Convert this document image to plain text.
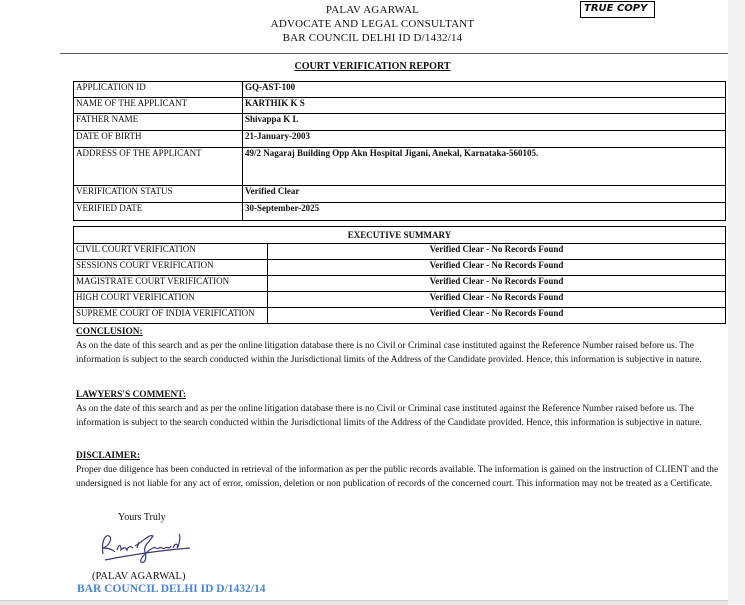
PALAV AGARWAL
ADVOCATE AND LEGAL CONSULTANT
BAR COUNCIL DELHI ID D/1432/14
TRUE COPY
COURT VERIFICATION REPORT
APPLICATION ID	GQ-AST-100
NAME OF THE APPLICANT	KARTHIK K S
FATHER NAME	Shivappa K L
DATE OF BIRTH	21-January-2003
ADDRESS OF THE APPLICANT	49/2 Nagaraj Building Opp Akn Hospital Jigani, Anekal, Karnataka-560105.
VERIFICATION STATUS	Verified Clear
VERIFIED DATE	30-September-2025
EXECUTIVE SUMMARY	
CIVIL COURT VERIFICATION	Verified Clear - No Records Found
SESSIONS COURT VERIFICATION	Verified Clear - No Records Found
MAGISTRATE COURT VERIFICATION	Verified Clear - No Records Found
HIGH COURT VERIFICATION	Verified Clear - No Records Found
SUPREME COURT OF INDIA VERIFICATION	Verified Clear - No Records Found
CONCLUSION:
As on the date of this search and as per the online litigation database there is no Civil or Criminal case instituted against the Reference Number raised before us. The information is subject to the search conducted within the Jurisdictional limits of the Address of the Candidate provided. Hence, this information is subjective in nature.
LAWYERS'S COMMENT:
As on the date of this search and as per the online litigation database there is no Civil or Criminal case instituted against the Reference Number raised before us. The information is subject to the search conducted within the Jurisdictional limits of the Address of the Candidate provided. Hence, this information is subjective in nature.
DISCLAIMER:
Proper due diligence has been conducted in retrieval of the information as per the public records available. The information is gained on the instruction of CLIENT and the undersigned is not liable for any act of error, omission, deletion or non publication of records of the concerned court. This information may not be treated as a Certificate.
Yours Truly
(PALAV AGARWAL)
BAR COUNCIL DELHI ID D/1432/14
